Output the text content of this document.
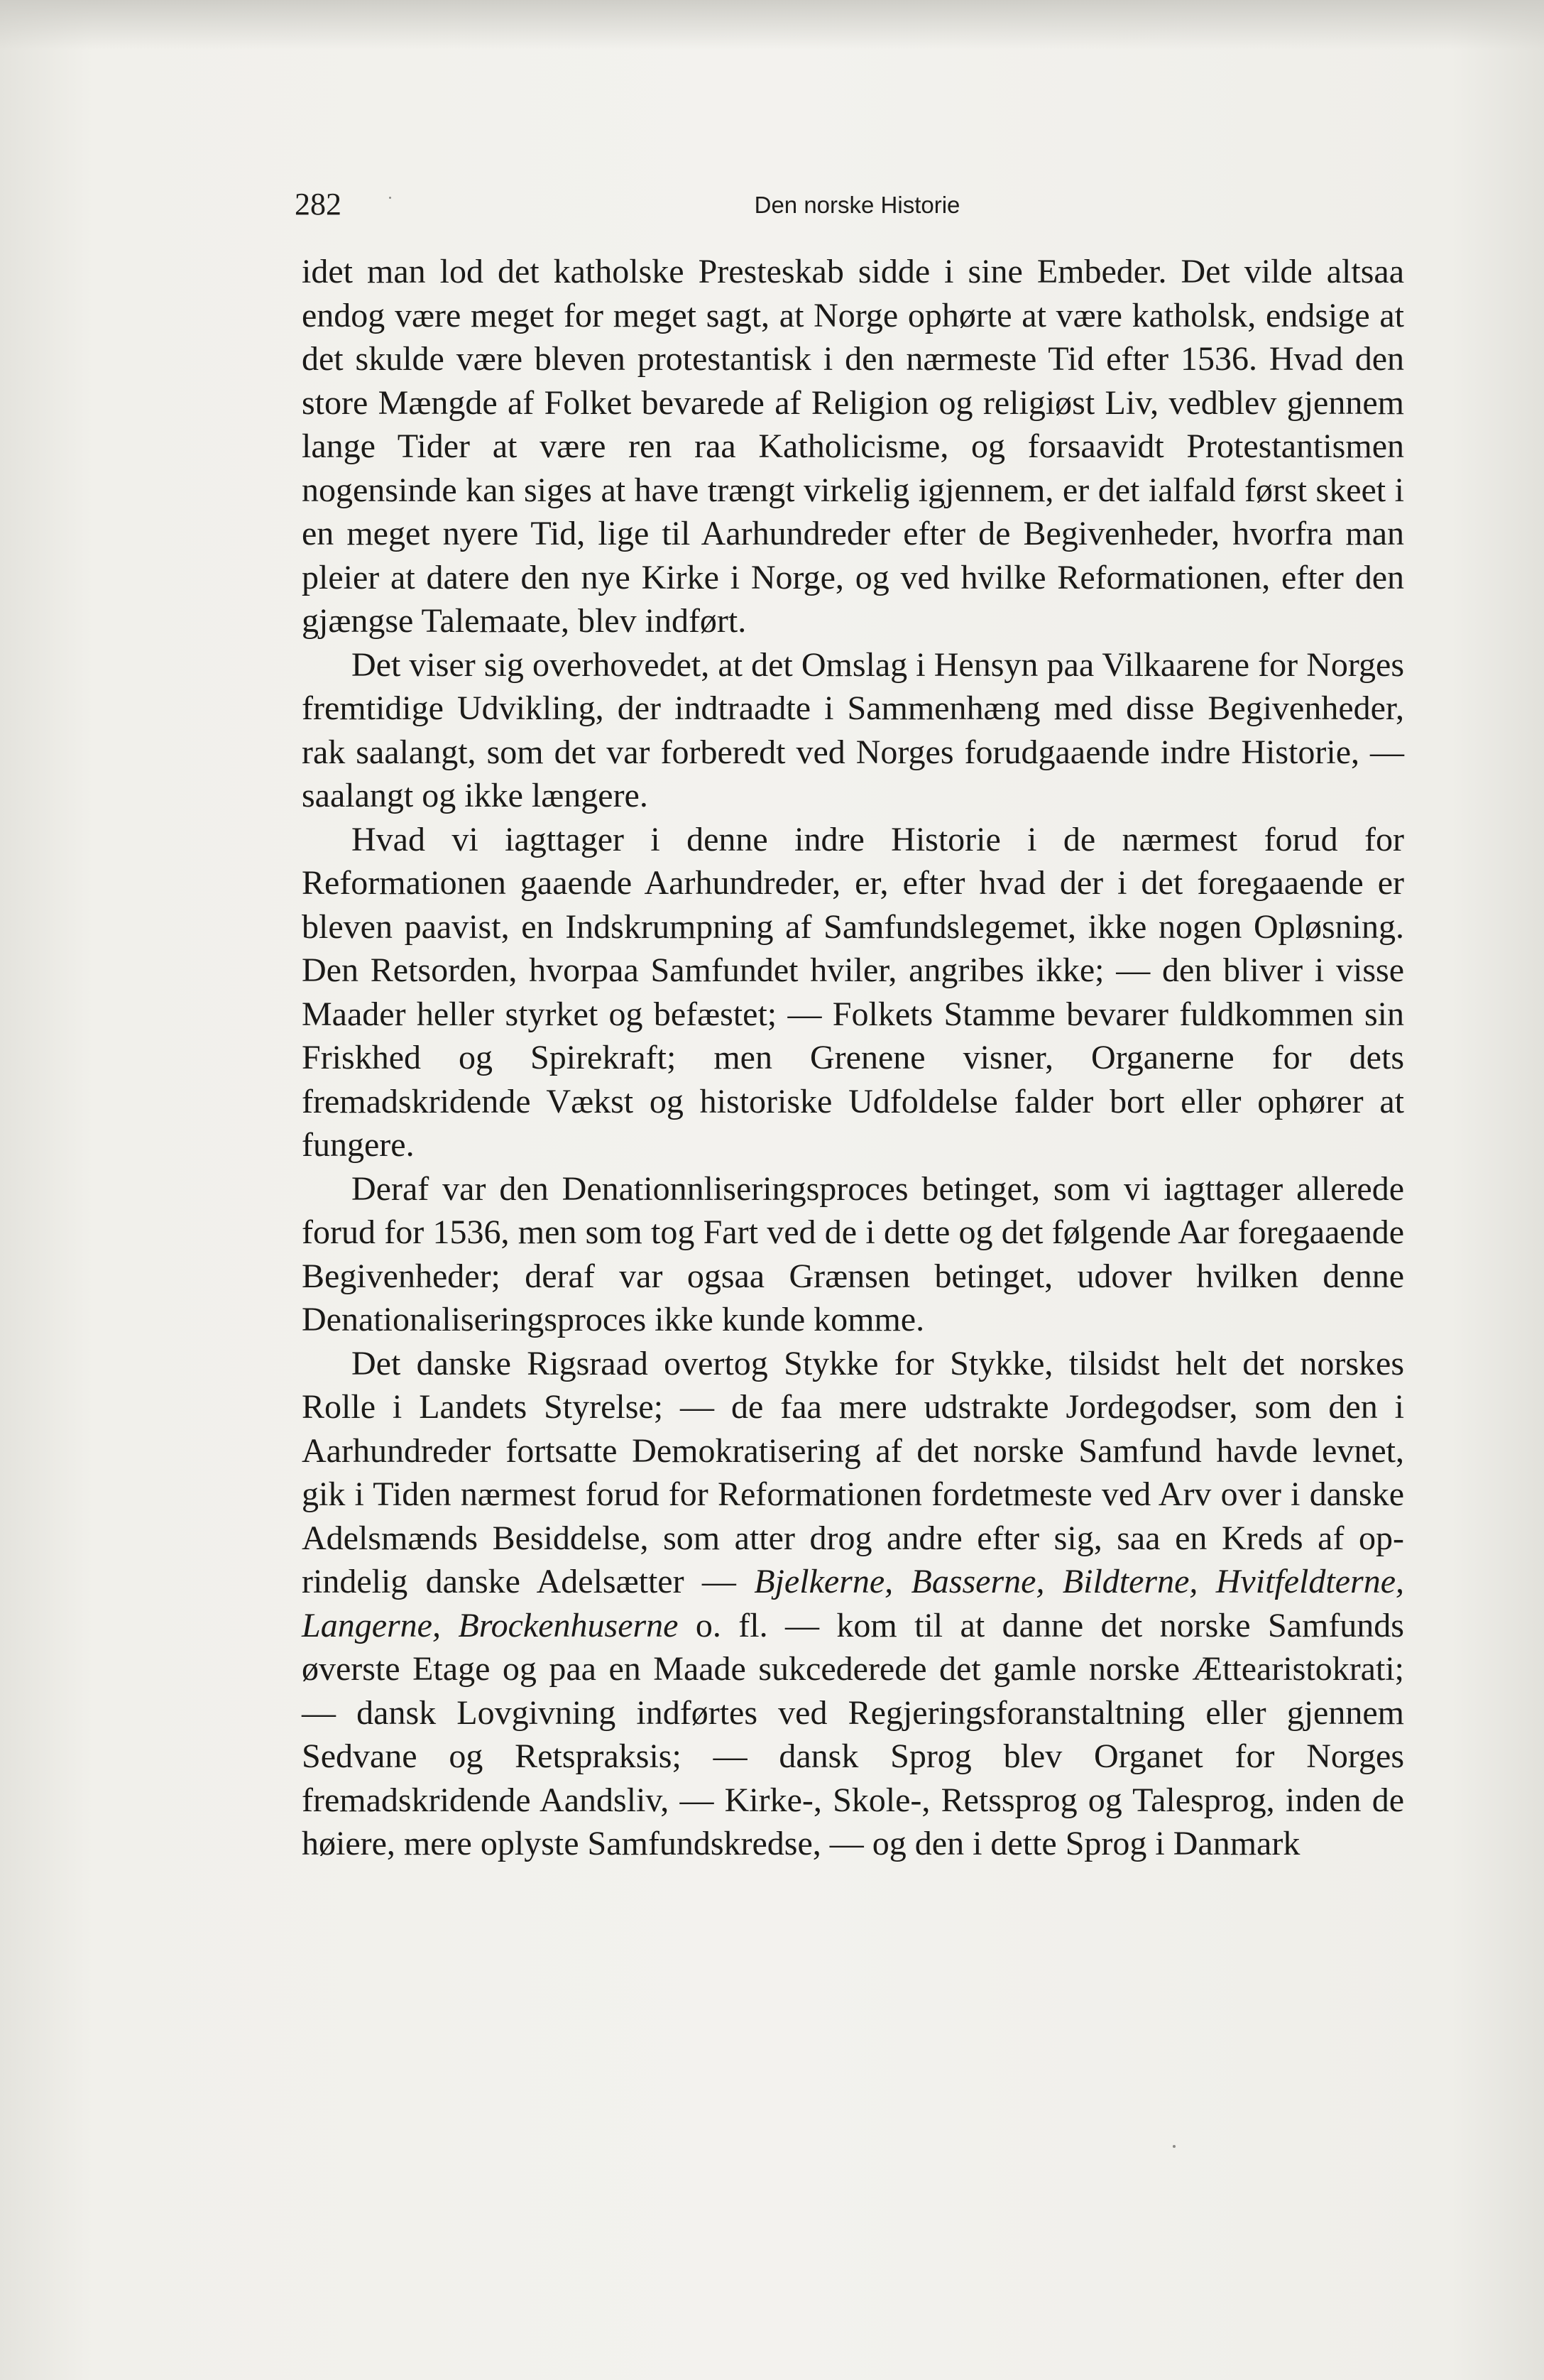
282	Den norske Historie

idet man lod det katholske Presteskab sidde i sine Embeder. Det vilde altsaa endog være meget for meget sagt, at Norge ophørte at være katholsk, endsige at det skulde være bleven protestantisk i den nærmeste Tid efter 1536. Hvad den store Mængde af Folket bevarede af Religion og religiøst Liv, vedblev gjennem lange Tider at være ren raa Katholicisme, og forsaavidt Protestantismen nogensinde kan siges at have trængt virkelig igjennem, er det ialfald først skeet i en meget nyere Tid, lige til Aarhundreder efter de Begivenheder, hvorfra man pleier at datere den nye Kirke i Norge, og ved hvilke Reformationen, efter den gjængse Talemaate, blev indført.

Det viser sig overhovedet, at det Omslag i Hensyn paa Vilkaarene for Norges fremtidige Udvikling, der indtraadte i Sammenhæng med disse Begivenheder, rak saalangt, som det var forberedt ved Norges forudgaaende indre Historie, — saalangt og ikke længere.

Hvad vi iagttager i denne indre Historie i de nærmest forud for Reformationen gaaende Aarhundreder, er, efter hvad der i det foregaaende er bleven paavist, en Indskrumpning af Samfundslegemet, ikke nogen Opløsning. Den Retsorden, hvorpaa Samfundet hviler, angribes ikke; — den bliver i visse Maader heller styrket og befæstet; — Folkets Stamme bevarer fuldkommen sin Friskhed og Spirekraft; men Grenene visner, Organerne for dets fremadskridende Vækst og historiske Udfoldelse falder bort eller ophører at fungere.

Deraf var den Denationnliseringsproces betinget, som vi iagttager allerede forud for 1536, men som tog Fart ved de i dette og det følgende Aar foregaaende Begivenheder; deraf var ogsaa Grænsen betinget, udover hvilken denne Denationaliseringsproces ikke kunde komme.

Det danske Rigsraad overtog Stykke for Stykke, tilsidst helt det norskes Rolle i Landets Styrelse; — de faa mere udstrakte Jordegodser, som den i Aarhundreder fortsatte Demokratisering af det norske Samfund havde levnet, gik i Tiden nærmest forud for Reformationen fordetmeste ved Arv over i danske Adelsmænds Besiddelse, som atter drog andre efter sig, saa en Kreds af oprindelig danske Adelsætter — Bjelkerne, Basserne, Bildterne, Hvitfeldterne, Langerne, Brockenhuserne o. fl. — kom til at danne det norske Samfunds øverste Etage og paa en Maade sukcederede det gamle norske Ættearistokrati; — dansk Lovgivning indførtes ved Regjeringsforanstaltning eller gjennem Sedvane og Retspraksis; — dansk Sprog blev Organet for Norges fremadskridende Aandsliv, — Kirke-, Skole-, Retssprog og Talesprog, inden de høiere, mere oplyste Samfundskredse, — og den i dette Sprog i Danmark
